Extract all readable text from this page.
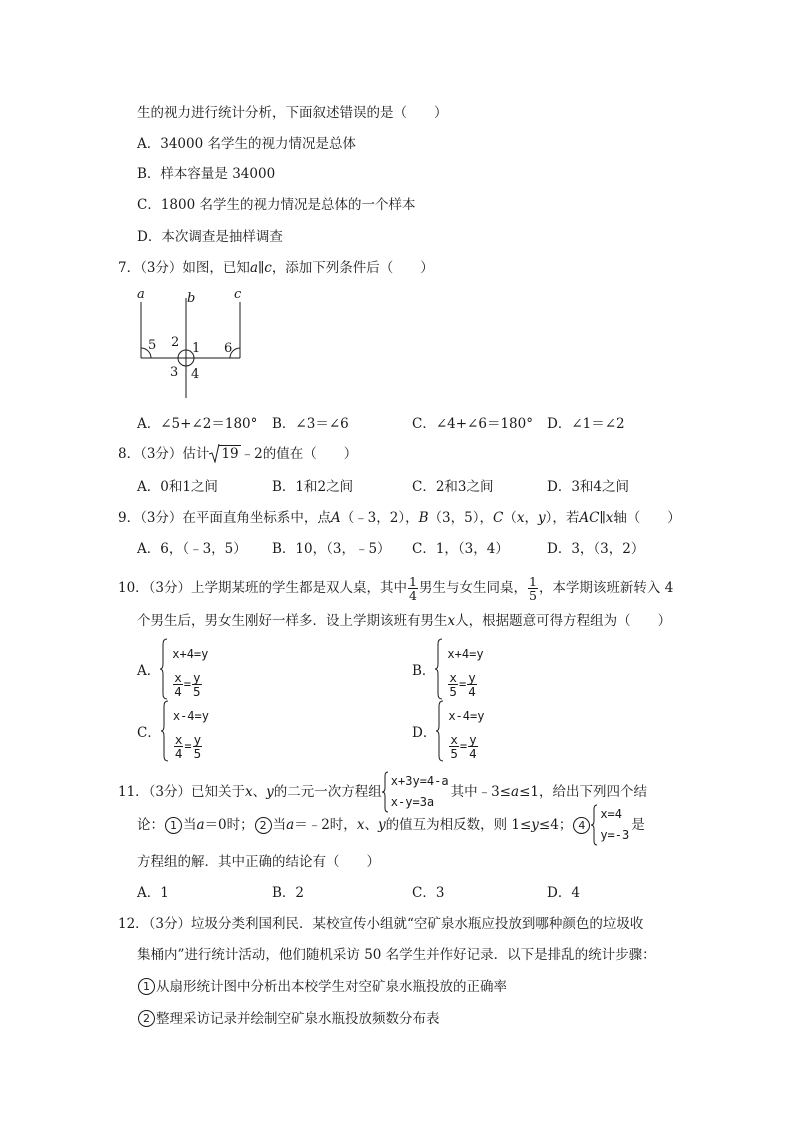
生的视力进行统计分析，下面叙述错误的是（　　）
A．34000 名学生的视力情况是总体
B．样本容量是 34000
C．1800 名学生的视力情况是总体的一个样本
D．本次调查是抽样调查
7．（3分）如图，已知a∥c，添加下列条件后（　　）
a	b	c
5 2 1 6
3 4
A．∠5+∠2＝180° B．∠3＝∠6	C．∠4+∠6＝180° D．∠1＝∠2
8．（3分）估计 19 ﹣2的值在（　　）
A．0和1之间	B．1和2之间	C．2和3之间	D．3和4之间
9．（3分）在平面直角坐标系中，点A（﹣3，2），B（3，5），C（x，y），若AC∥x轴（　　）
A．6，（﹣3，5） B．10，（3，﹣5） C．1，（3，4）	D．3，（3，2）
10．（3分）上学期某班的学生都是双人桌，其中 $\frac{1}{4}$ 男生与女生同桌， $\frac{1}{5}$ ，本学期该班新转入 4
个男生后，男女生刚好一样多．设上学期该班有男生x人，根据题意可得方程组为（　　）
A．
x+4=y
$\frac{x}{4} = \frac{y}{5}$	B．
x+4=y
$\frac{x}{5} = \frac{y}{4}$
C．
x-4=y
$\frac{x}{4} = \frac{y}{5}$	D．
x-4=y
$\frac{x}{5} = \frac{y}{4}$
11．（3分）已知关于 x 、 y 的二元一次方程组
x+3y=4-a
x-y=3a
其中﹣3≤ a ≤1，给出下列四个结
论： 1 当 a ＝0时； 2 当 a ＝﹣2时， x 、 y 的值互为相反数，则 1≤ y ≤4； 4
x=4
y=-3
是
方程组的解．其中正确的结论有（　　）
A．1	B．2	C．3	D．4
12．（3分）垃圾分类利国利民．某校宣传小组就“空矿泉水瓶应投放到哪种颜色的垃圾收
集桶内”进行统计活动，他们随机采访 50 名学生并作好记录．以下是排乱的统计步骤：
1 从扇形统计图中分析出本校学生对空矿泉水瓶投放的正确率
2 整理采访记录并绘制空矿泉水瓶投放频数分布表
